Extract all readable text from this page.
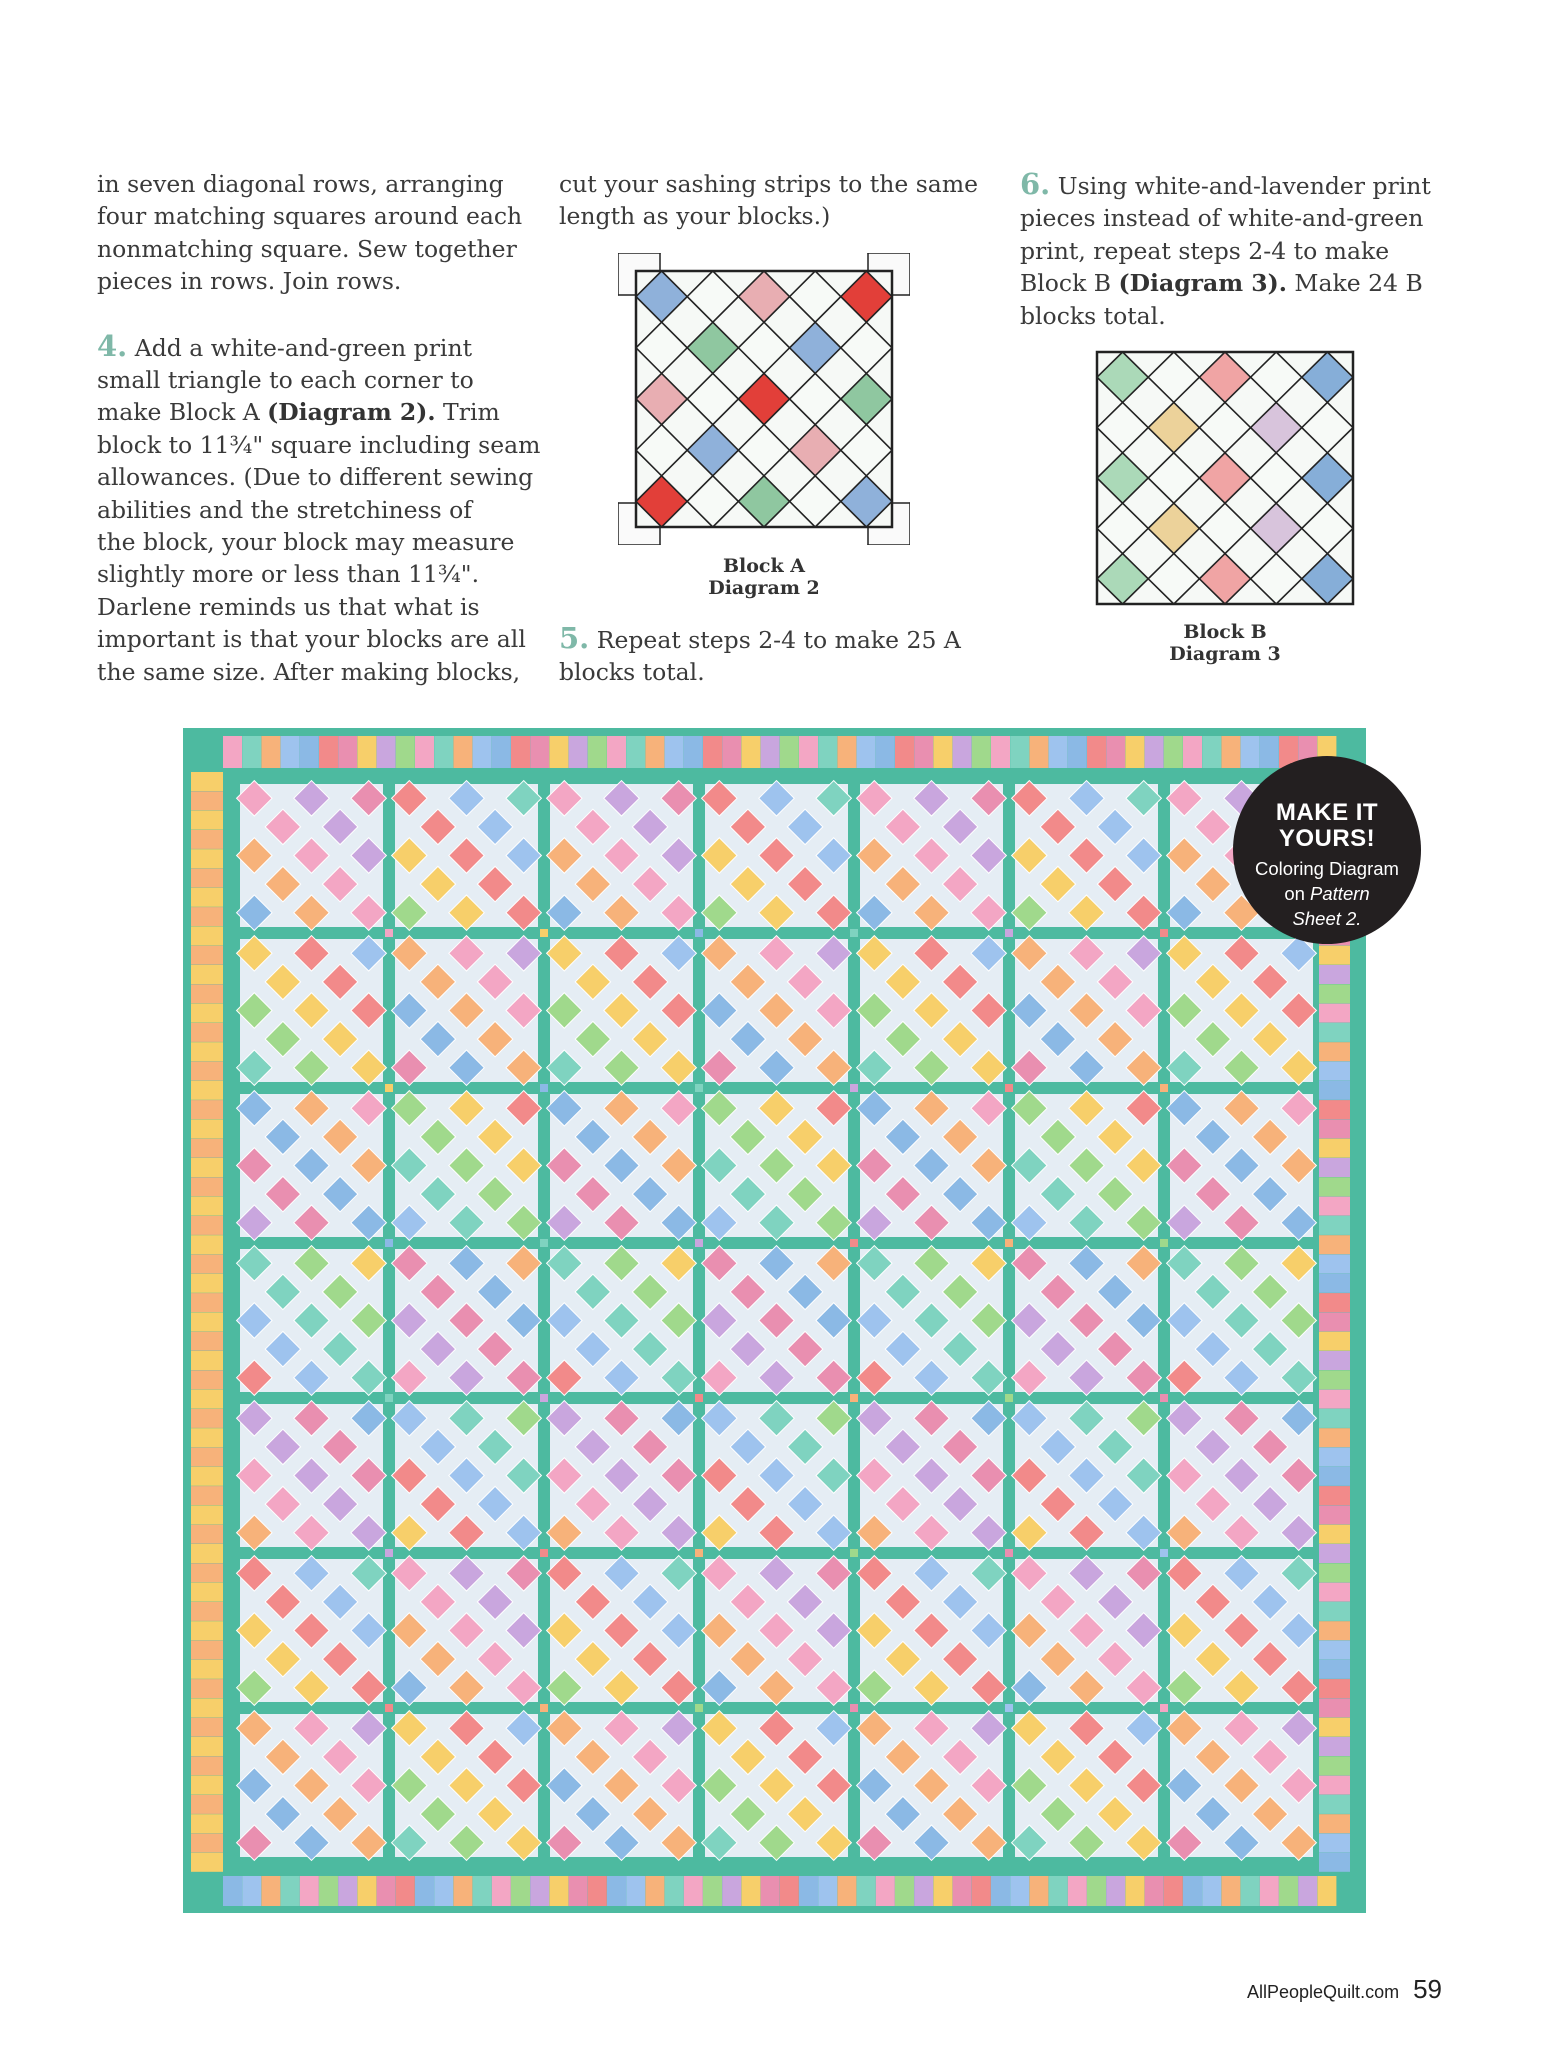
in seven diagonal rows, arranging

four matching squares around each

nonmatching square. Sew together

pieces in rows. Join rows.

4. Add a white-and-green print

small triangle to each corner to

make Block A (Diagram 2). Trim

block to 11¾" square including seam

allowances. (Due to different sewing

abilities and the stretchiness of

the block, your block may measure

slightly more or less than 11¾".

Darlene reminds us that what is

important is that your blocks are all

the same size. After making blocks,

cut your sashing strips to the same

length as your blocks.)

5. Repeat steps 2-4 to make 25 A

blocks total.

6. Using white-and-lavender print

pieces instead of white-and-green

print, repeat steps 2-4 to make

Block B (Diagram 3). Make 24 B

blocks total.

Block A
Diagram 2
Block B
Diagram 3
MAKE IT
YOURS!
Coloring Diagram
on Pattern
Sheet 2.
AllPeopleQuilt.com 59
